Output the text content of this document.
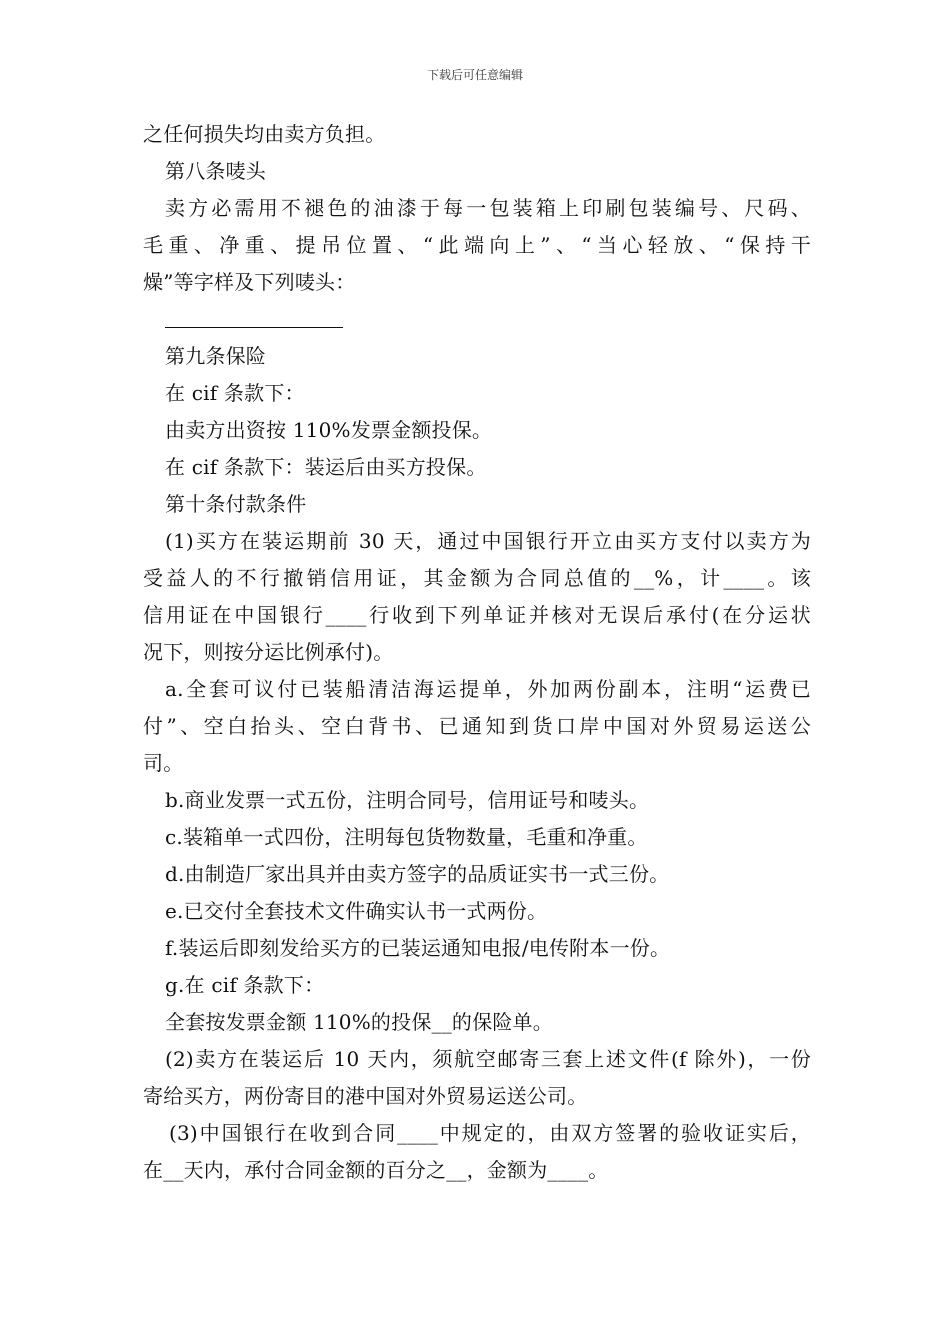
下载后可任意编辑
之任何损失均由卖方负担。
第八条唛头
卖方必需用不褪色的油漆于每一包装箱上印刷包装编号、尺码、
毛重、净重、提吊位置、“此端向上”、“当心轻放、“保持干
燥”等字样及下列唛头：
第九条保险
在 cif 条款下：
由卖方出资按 110%发票金额投保。
在 cif 条款下：装运后由买方投保。
第十条付款条件
(1)买方在装运期前 30 天，通过中国银行开立由买方支付以卖方为
受益人的不行撤销信用证，其金额为合同总值的__%，计____。该
信用证在中国银行____行收到下列单证并核对无误后承付(在分运状
况下，则按分运比例承付)。
a.全套可议付已装船清洁海运提单，外加两份副本，注明“运费已
付”、空白抬头、空白背书、已通知到货口岸中国对外贸易运送公
司。
b.商业发票一式五份，注明合同号，信用证号和唛头。
c.装箱单一式四份，注明每包货物数量，毛重和净重。
d.由制造厂家出具并由卖方签字的品质证实书一式三份。
e.已交付全套技术文件确实认书一式两份。
f.装运后即刻发给买方的已装运通知电报/电传附本一份。
g.在 cif 条款下：
全套按发票金额 110%的投保__的保险单。
(2)卖方在装运后 10 天内，须航空邮寄三套上述文件(f 除外)，一份
寄给买方，两份寄目的港中国对外贸易运送公司。
(3)中国银行在收到合同____中规定的，由双方签署的验收证实后，
在__天内，承付合同金额的百分之__，金额为____。
